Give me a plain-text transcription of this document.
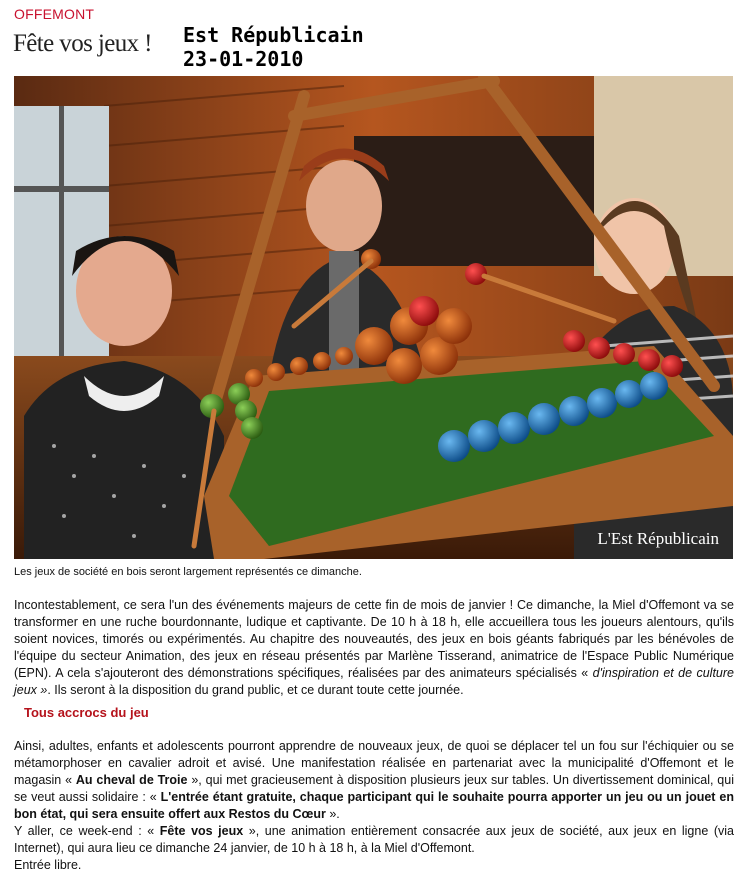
OFFEMONT
Fête vos jeux ! Est Républicain
23-01-2010
L'Est Républicain
Les jeux de société en bois seront largement représentés ce dimanche.

Incontestablement, ce sera l'un des événements majeurs de cette fin de mois de janvier ! Ce dimanche, la Miel d'Offemont va se transformer en une ruche bourdonnante, ludique et captivante. De 10 h à 18 h, elle accueillera tous les joueurs alentours, qu'ils soient novices, timorés ou expérimentés. Au chapitre des nouveautés, des jeux en bois géants fabriqués par les bénévoles de l'équipe du secteur Animation, des jeux en réseau présentés par Marlène Tisserand, animatrice de l'Espace Public Numérique (EPN). A cela s'ajouteront des démonstrations spécifiques, réalisées par des animateurs spécialisés « d'inspiration et de culture jeux ». Ils seront à la disposition du grand public, et ce durant toute cette journée.

Tous accrocs du jeu

Ainsi, adultes, enfants et adolescents pourront apprendre de nouveaux jeux, de quoi se déplacer tel un fou sur l'échiquier ou se métamorphoser en cavalier adroit et avisé. Une manifestation réalisée en partenariat avec la municipalité d'Offemont et le magasin « Au cheval de Troie », qui met gracieusement à disposition plusieurs jeux sur tables. Un divertissement dominical, qui se veut aussi solidaire : « L'entrée étant gratuite, chaque participant qui le souhaite pourra apporter un jeu ou un jouet en bon état, qui sera ensuite offert aux Restos du Cœur ».
Y aller, ce week-end : « Fête vos jeux », une animation entièrement consacrée aux jeux de société, aux jeux en ligne (via Internet), qui aura lieu ce dimanche 24 janvier, de 10 h à 18 h, à la Miel d'Offemont.
Entrée libre.
